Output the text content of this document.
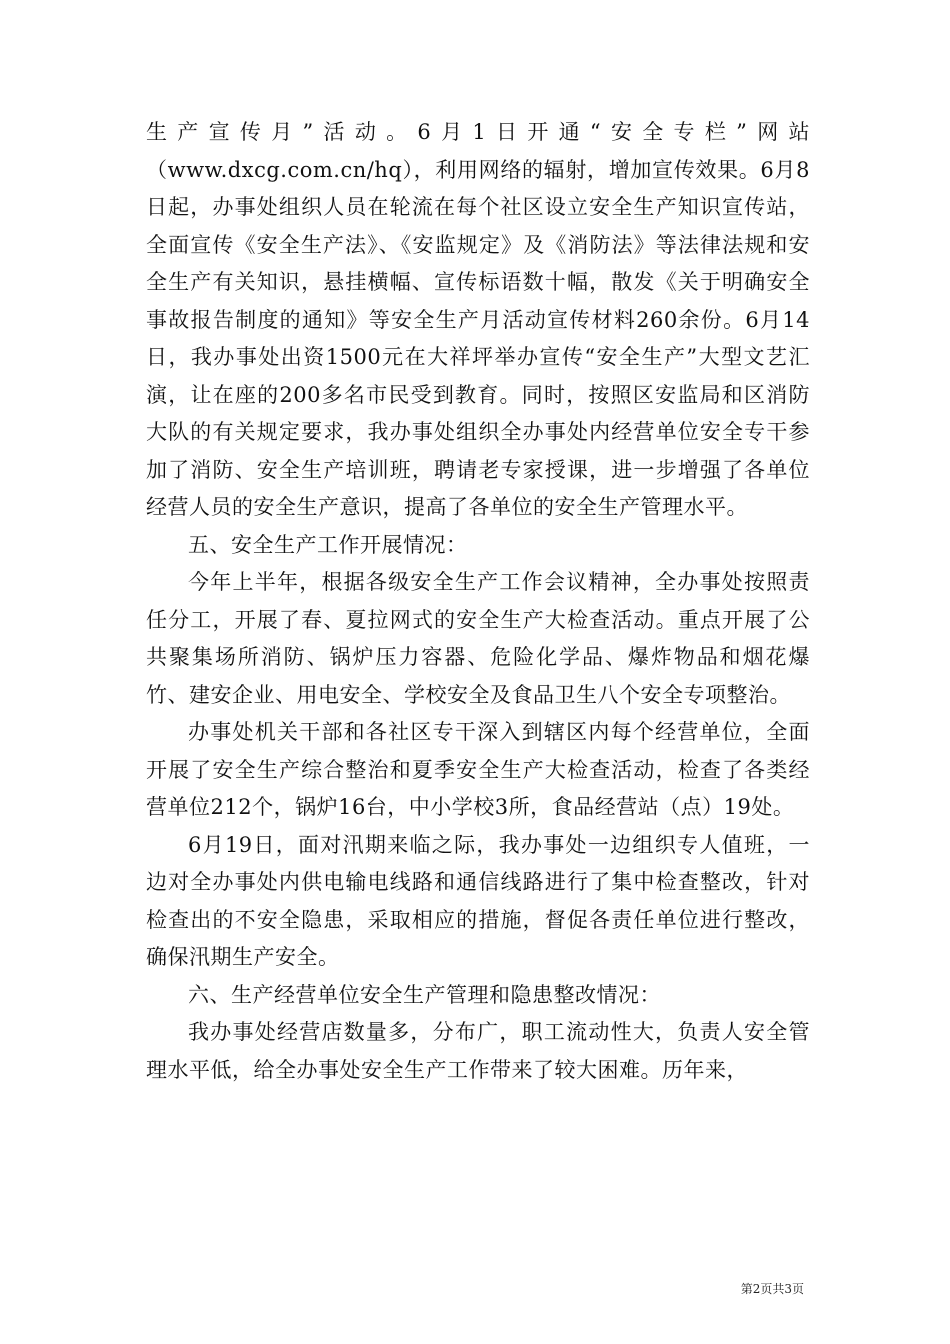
生产宣传月”活动。6月1日开通“安全专栏”网站（www.dxcg.com.cn/hq），利用网络的辐射，增加宣传效果。6月8日起，办事处组织人员在轮流在每个社区设立安全生产知识宣传站，全面宣传《安全生产法》、《安监规定》及《消防法》等法律法规和安全生产有关知识，悬挂横幅、宣传标语数十幅，散发《关于明确安全事故报告制度的通知》等安全生产月活动宣传材料260余份。6月14日，我办事处出资1500元在大祥坪举办宣传“安全生产”大型文艺汇演，让在座的200多名市民受到教育。同时，按照区安监局和区消防大队的有关规定要求，我办事处组织全办事处内经营单位安全专干参加了消防、安全生产培训班，聘请老专家授课，进一步增强了各单位经营人员的安全生产意识，提高了各单位的安全生产管理水平。

五、安全生产工作开展情况：

今年上半年，根据各级安全生产工作会议精神，全办事处按照责任分工，开展了春、夏拉网式的安全生产大检查活动。重点开展了公共聚集场所消防、锅炉压力容器、危险化学品、爆炸物品和烟花爆竹、建安企业、用电安全、学校安全及食品卫生八个安全专项整治。

办事处机关干部和各社区专干深入到辖区内每个经营单位，全面开展了安全生产综合整治和夏季安全生产大检查活动，检查了各类经营单位212个，锅炉16台，中小学校3所，食品经营站（点）19处。

6月19日，面对汛期来临之际，我办事处一边组织专人值班，一边对全办事处内供电输电线路和通信线路进行了集中检查整改，针对检查出的不安全隐患，采取相应的措施，督促各责任单位进行整改，确保汛期生产安全。

六、生产经营单位安全生产管理和隐患整改情况：

我办事处经营店数量多，分布广，职工流动性大，负责人安全管理水平低，给全办事处安全生产工作带来了较大困难。历年来，

第2页共3页
